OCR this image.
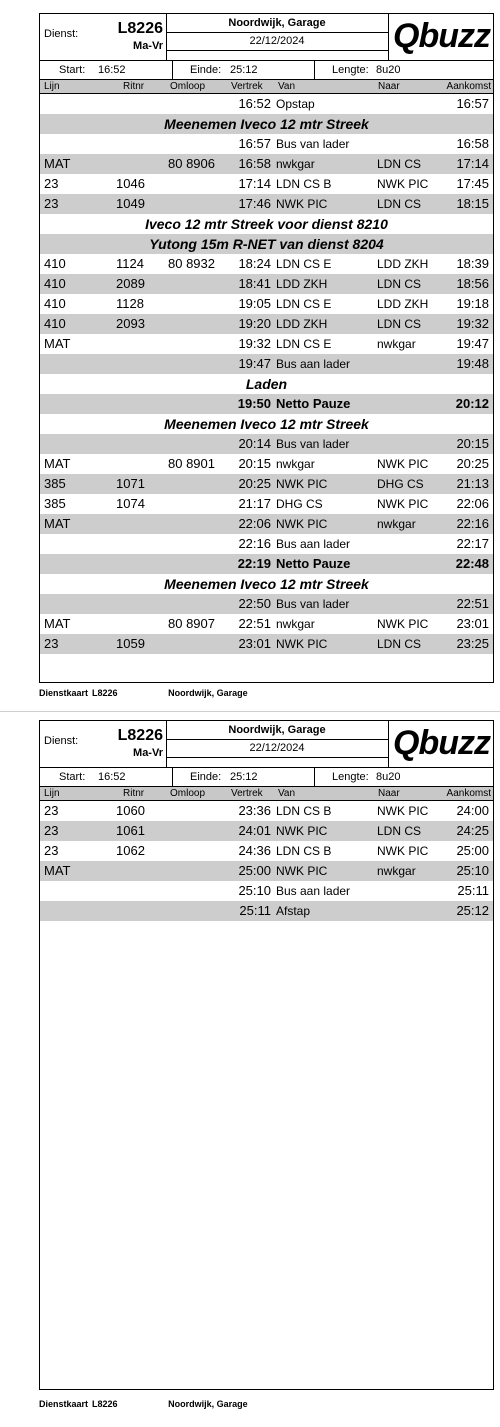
Dienst: L8226
Ma-Vr
Noordwijk, Garage
22/12/2024	Qbuzz
Start: 16:52	Einde: 25:12	Lengte: 8u20
Lijn	Ritnr	Omloop	Vertrek Van	Naar	Aankomst
16:52 Opstap	16:57
Meenemen Iveco 12 mtr Streek
16:57 Bus van lader	16:58
MAT	80 8906	16:58 nwkgar	LDN CS	17:14
23	1046	17:14 LDN CS B	NWK PIC 17:45
23	1049	17:46 NWK PIC	LDN CS	18:15
Iveco 12 mtr Streek voor dienst 8210
Yutong 15m R-NET van dienst 8204
410	1124	80 8932	18:24 LDN CS E	LDD ZKH 18:39
410	2089	18:41 LDD ZKH	LDN CS	18:56
410	1128	19:05 LDN CS E	LDD ZKH 19:18
410	2093	19:20 LDD ZKH	LDN CS	19:32
MAT	19:32 LDN CS E	nwkgar	19:47
19:47 Bus aan lader	19:48
Laden
19:50 Netto Pauze	20:12
Meenemen Iveco 12 mtr Streek
20:14 Bus van lader	20:15
MAT	80 8901	20:15 nwkgar	NWK PIC 20:25
385	1071	20:25 NWK PIC	DHG CS	21:13
385	1074	21:17 DHG CS	NWK PIC 22:06
MAT	22:06 NWK PIC	nwkgar	22:16
22:16 Bus aan lader	22:17
22:19 Netto Pauze	22:48
Meenemen Iveco 12 mtr Streek
22:50 Bus van lader	22:51
MAT	80 8907	22:51 nwkgar	NWK PIC 23:01
23	1059	23:01 NWK PIC	LDN CS	23:25
Dienstkaart L8226	Noordwijk, Garage
Dienst: L8226
Ma-Vr
Noordwijk, Garage
22/12/2024	Qbuzz
Start: 16:52	Einde: 25:12	Lengte: 8u20
Lijn	Ritnr	Omloop	Vertrek Van	Naar	Aankomst
23	1060	23:36 LDN CS B	NWK PIC 24:00
23	1061	24:01 NWK PIC	LDN CS	24:25
23	1062	24:36 LDN CS B	NWK PIC 25:00
MAT	25:00 NWK PIC	nwkgar	25:10
25:10 Bus aan lader	25:11
25:11 Afstap	25:12
Dienstkaart L8226	Noordwijk, Garage
